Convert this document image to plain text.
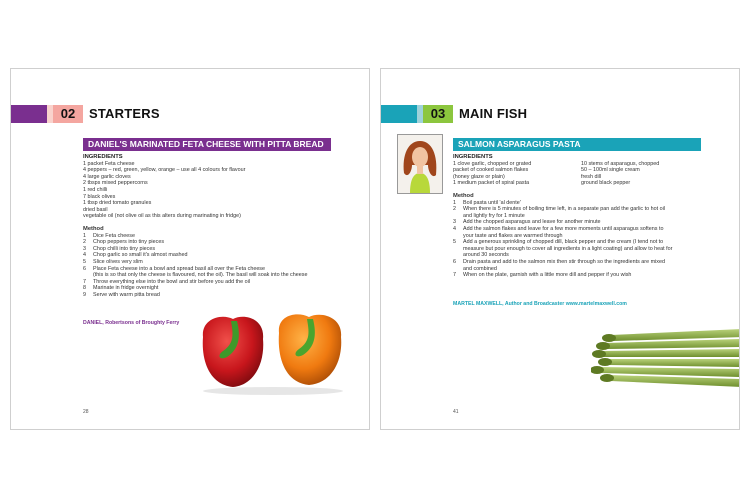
02	STARTERS
DANIEL'S MARINATED FETA CHEESE WITH PITTA BREAD
INGREDIENTS
1 packet Feta cheese
4 peppers – red, green, yellow, orange – use all 4 colours for flavour
4 large garlic cloves
2 tbsps mixed peppercorns
1 red chilli
7 black olives
1 tbsp dried tomato granules
dried basil
vegetable oil (not olive oil as this alters during marinating in fridge)
Method
1	Dice Feta cheese
2	Chop peppers into tiny pieces
3	Chop chilli into tiny pieces
4	Chop garlic so small it's almost mashed
5	Slice olives very slim
6	Place Feta cheese into a bowl and spread basil all over the Feta cheese
(this is so that only the cheese is flavoured, not the oil). The basil will soak into the cheese
7	Throw everything else into the bowl and stir before you add the oil
8	Marinate in fridge overnight
9	Serve with warm pitta bread
DANIEL, Robertsons of Broughty Ferry
28
03	MAIN FISH
SALMON ASPARAGUS PASTA
INGREDIENTS
1 clove garlic, chopped or grated
packet of cooked salmon flakes
(honey glaze or plain)
1 medium packet of spiral pasta
10 stems of asparagus, chopped
50 – 100ml single cream
fresh dill
ground black pepper
Method
1	Boil pasta until 'al dente'
2	When there is 5 minutes of boiling time left, in a separate pan add the garlic to hot oil
and lightly fry for 1 minute
3	Add the chopped asparagus and leave for another minute
4	Add the salmon flakes and leave for a few more moments until asparagus softens to
your taste and flakes are warmed through
5	Add a generous sprinkling of chopped dill, black pepper and the cream (I tend not to
measure but pour enough to cover all ingredients in a light coating) and allow to heat for
around 30 seconds
6	Drain pasta and add to the salmon mix then stir through so the ingredients are mixed
and combined
7	When on the plate, garnish with a little more dill and pepper if you wish
MARTEL MAXWELL, Author and Broadcaster www.martelmaxwell.com
41
